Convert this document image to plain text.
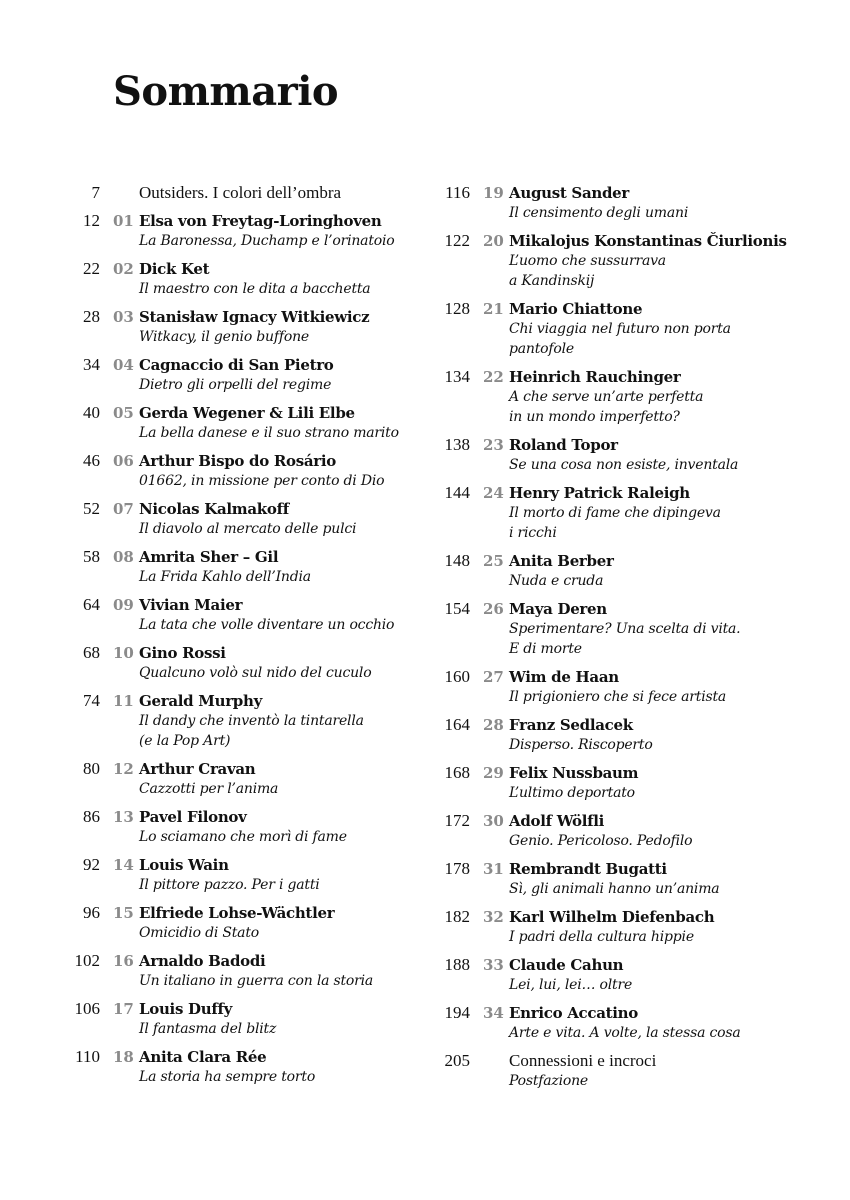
Sommario
7 Outsiders. I colori dell’ombra
12 01 Elsa von Freytag-Loringhoven
La Baronessa, Duchamp e l’orinatoio
22 02 Dick Ket
Il maestro con le dita a bacchetta
28 03 Stanisław Ignacy Witkiewicz
Witkacy, il genio buffone
34 04 Cagnaccio di San Pietro
Dietro gli orpelli del regime
40 05 Gerda Wegener & Lili Elbe
La bella danese e il suo strano marito
46 06 Arthur Bispo do Rosário
01662, in missione per conto di Dio
52 07 Nicolas Kalmakoff
Il diavolo al mercato delle pulci
58 08 Amrita Sher – Gil
La Frida Kahlo dell’India
64 09 Vivian Maier
La tata che volle diventare un occhio
68 10 Gino Rossi
Qualcuno volò sul nido del cuculo
74 11 Gerald Murphy
Il dandy che inventò la tintarella
(e la Pop Art)
80 12 Arthur Cravan
Cazzotti per l’anima
86 13 Pavel Filonov
Lo sciamano che morì di fame
92 14 Louis Wain
Il pittore pazzo. Per i gatti
96 15 Elfriede Lohse-Wächtler
Omicidio di Stato
102 16 Arnaldo Badodi
Un italiano in guerra con la storia
106 17 Louis Duffy
Il fantasma del blitz
110 18 Anita Clara Rée
La storia ha sempre torto
116 19 August Sander
Il censimento degli umani
122 20 Mikalojus Konstantinas Čiurlionis
L’uomo che sussurrava
a Kandinskij
128 21 Mario Chiattone
Chi viaggia nel futuro non porta
pantofole
134 22 Heinrich Rauchinger
A che serve un’arte perfetta
in un mondo imperfetto?
138 23 Roland Topor
Se una cosa non esiste, inventala
144 24 Henry Patrick Raleigh
Il morto di fame che dipingeva
i ricchi
148 25 Anita Berber
Nuda e cruda
154 26 Maya Deren
Sperimentare? Una scelta di vita.
E di morte
160 27 Wim de Haan
Il prigioniero che si fece artista
164 28 Franz Sedlacek
Disperso. Riscoperto
168 29 Felix Nussbaum
L’ultimo deportato
172 30 Adolf Wölfli
Genio. Pericoloso. Pedofilo
178 31 Rembrandt Bugatti
Sì, gli animali hanno un’anima
182 32 Karl Wilhelm Diefenbach
I padri della cultura hippie
188 33 Claude Cahun
Lei, lui, lei… oltre
194 34 Enrico Accatino
Arte e vita. A volte, la stessa cosa
205 Connessioni e incroci
Postfazione
